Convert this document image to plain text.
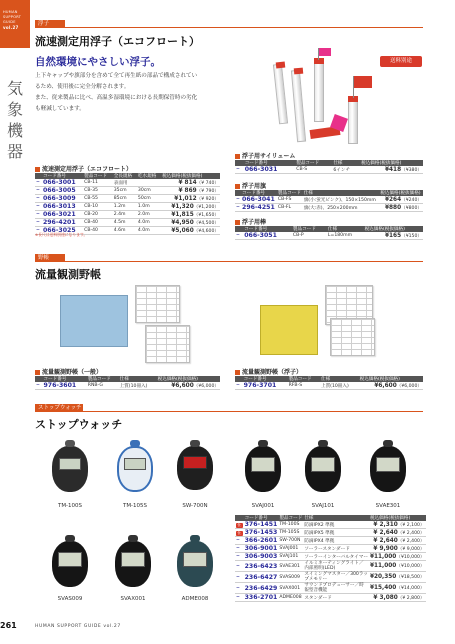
HUMAN
SUPPORT
GUIDE
vol.27
気
象
機
器
浮子
流速測定用浮子（エコフロート）
自然環境にやさしい浮子。
上下キャップや旗部分を含めて全て再生紙の部品で構成されてい
るため、使用後に完全分解されます。
また、従来製品に比べ、高温多湿環境における長期保管時の劣化
も軽減しています。
送料別途
流速測定用浮子（エコフロート）
	コード番号	製品コード	全長規格	吃水規格	税込価格(税抜価格)
−	066-3001	CB-11	表面用		¥ 814（¥ 740）
−	066-3005	CB-35	35cm	30cm	¥ 869（¥ 790）
−	066-3009	CB-55	85cm	50cm	¥1,012（¥ 920）
−	066-3013	CB-10	1.2m	1.0m	¥1,320（¥1,200）
−	066-3021	CB-20	2.4m	2.0m	¥1,815（¥1,650）
−	296-4201	CB-40	4.5m	4.0m	¥4,950（¥4,500）
−	066-3025	CB-40	4.6m	4.0m	¥5,060（¥4,600）
※長尺は送料別途になります。
浮子用サイリューム
	コード番号	製品コード	仕様	税込価格(税抜価格)
−	066-3031	CB-S	6インチ	¥418（¥380）
浮子用旗
	コード番号	製品コード	仕様	税込価格(税抜価格)
−	066-3041	CB-FS	旗(小:蛍光ピンク)、150×150mm	¥264（¥240）
−	296-4251	CB-FL	旗(大:赤)、250×200mm	¥880（¥800）
浮子用棒
	コード番号	製品コード	仕様	税込価格(税抜価格)
−	066-3051	CB-P	L=180mm	¥165（¥150）
野帳
流量観測野帳
流量観測野帳（一般）
	コード番号	製品コード	仕様	税込価格(税抜価格)
−	976-3601	RNB-G	上質(10冊入)	¥6,600（¥6,000）
流量観測野帳（浮子）
	コード番号	製品コード	仕様	税込価格(税抜価格)
−	976-3701	RFB-S	上質(10冊入)	¥6,600（¥6,000）
ストップウォッチ
ストップウォッチ
TM-100S	TM-105S	SW-700N	SVAJ001	SVAJ101	SVAE301
SVAS009	SVAX001	ADME008
	コード番号	製品コード	仕様	税込価格(税抜価格)
在	376-1451	TM-100S	防滴IPX2 準拠	¥ 2,310（¥ 2,100）
在	376-1453	TM-105S	防滴IPX5 準拠	¥ 2,640（¥ 2,400）
−	366-2601	SW-700N	防滴IPX4 準拠	¥ 2,640（¥ 2,400）
−	306-9001	SVAJ001	ソーラースタンダード	¥ 9,900（¥ 9,000）
−	306-9003	SVAJ101	ソーラーインターバルタイマー	¥11,000（¥10,000）
−	236-6423	SVAE301	イルミネーティングライト／内部照明(LED)	¥11,000（¥10,000）
−	236-6427	SVAS009	スイミングマスター／300ラップメモリー	¥20,350（¥18,500）
−	236-6429	SVAX001	サウンドプロデューサー／時報型音機能	¥15,400（¥14,000）
−	336-2701	ADME008	スタンダード	¥ 3,080（¥ 2,800）
261	HUMAN SUPPORT GUIDE vol.27
